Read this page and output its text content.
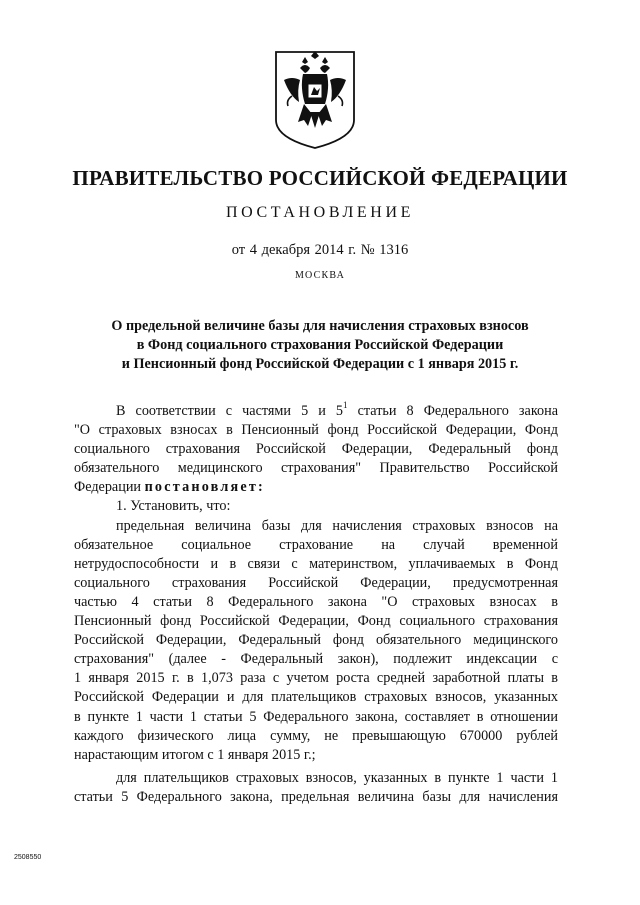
ПРАВИТЕЛЬСТВО РОССИЙСКОЙ ФЕДЕРАЦИИ
ПОСТАНОВЛЕНИЕ
от 4 декабря 2014 г. № 1316
МОСКВА
О предельной величине базы для начисления страховых взносов
в Фонд социального страхования Российской Федерации
и Пенсионный фонд Российской Федерации с 1 января 2015 г.
В соответствии с частями 5 и $5^1$ статьи 8 Федерального закона
"О страховых взносах в Пенсионный фонд Российской Федерации, Фонд
социального страхования Российской Федерации, Федеральный фонд
обязательного медицинского страхования" Правительство Российской
Федерации постановляет:
1. Установить, что:
предельная величина базы для начисления страховых взносов на
обязательное социальное страхование на случай временной
нетрудоспособности и в связи с материнством, уплачиваемых в Фонд
социального страхования Российской Федерации, предусмотренная
частью 4 статьи 8 Федерального закона "О страховых взносах в
Пенсионный фонд Российской Федерации, Фонд социального страхования
Российской Федерации, Федеральный фонд обязательного медицинского
страхования" (далее - Федеральный закон), подлежит индексации с
1 января 2015 г. в 1,073 раза с учетом роста средней заработной платы в
Российской Федерации и для плательщиков страховых взносов, указанных
в пункте 1 части 1 статьи 5 Федерального закона, составляет в отношении
каждого физического лица сумму, не превышающую 670000 рублей
нарастающим итогом с 1 января 2015 г.;
для плательщиков страховых взносов, указанных в пункте 1 части 1
статьи 5 Федерального закона, предельная величина базы для начисления
2508550
